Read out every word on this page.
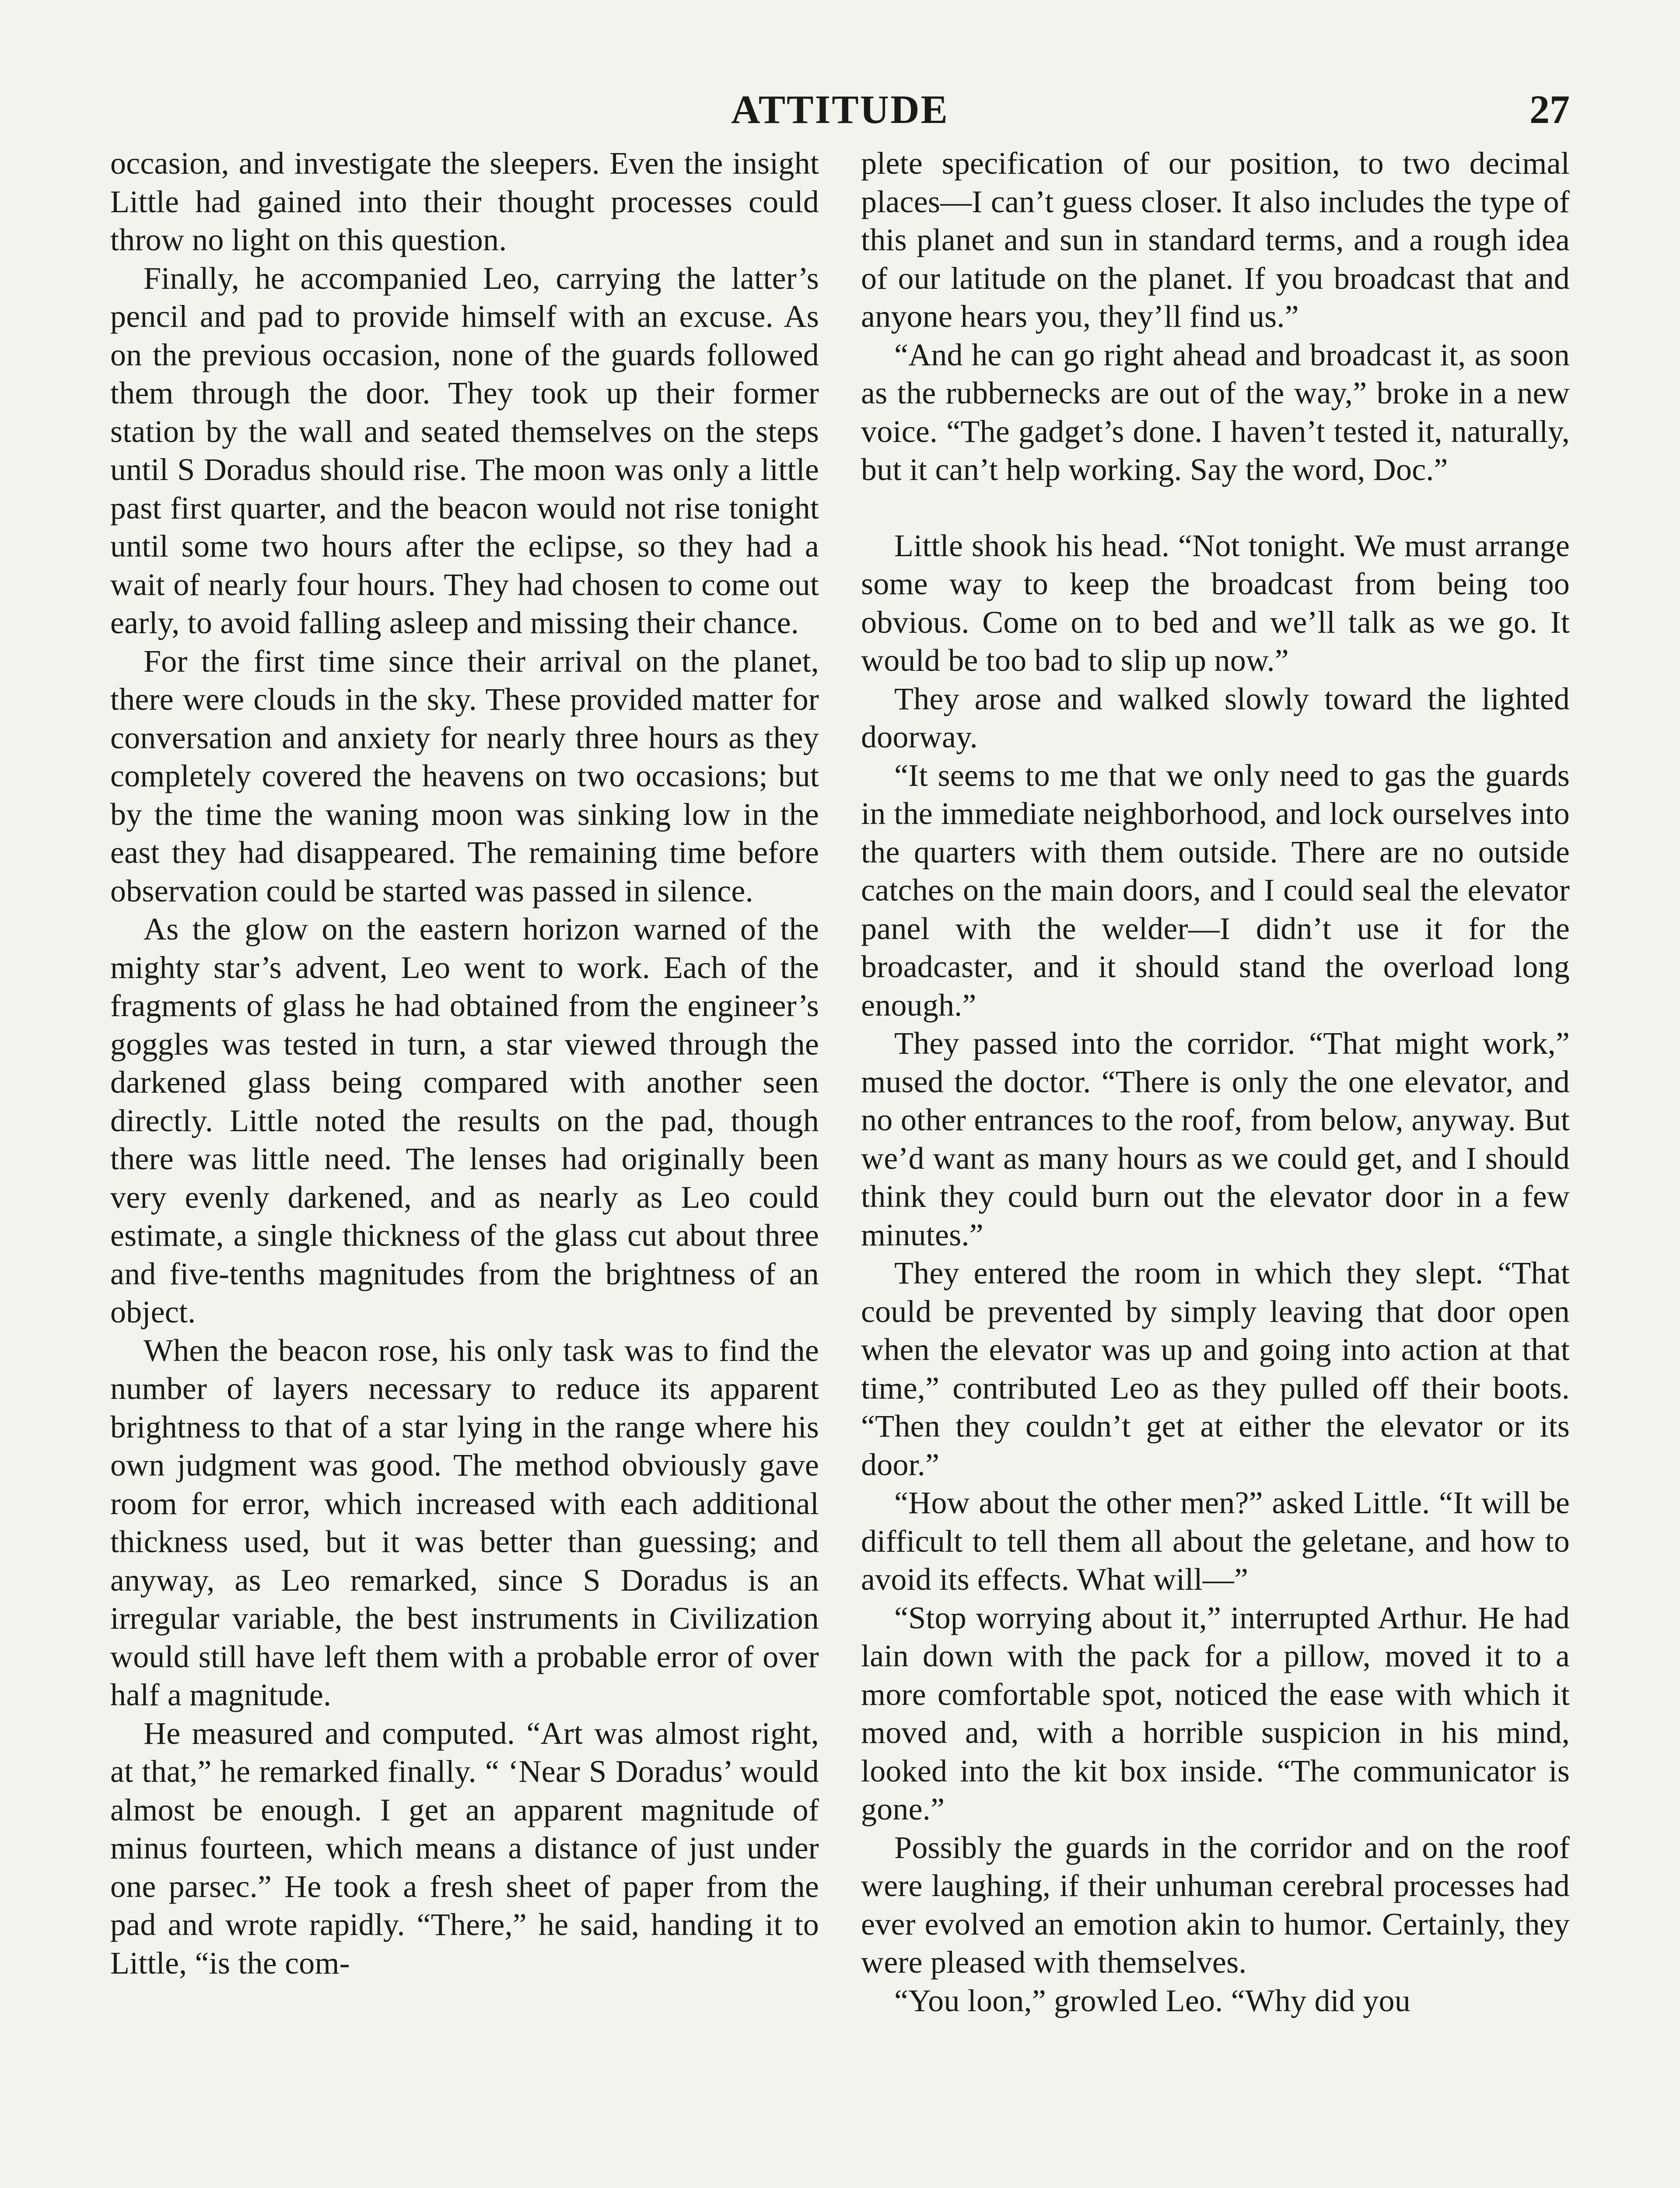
ATTITUDE	27

occasion, and investigate the sleepers. Even the insight Little had gained into their thought processes could throw no light on this question.

Finally, he accompanied Leo, carrying the latter’s pencil and pad to provide himself with an excuse. As on the previous occasion, none of the guards followed them through the door. They took up their former station by the wall and seated themselves on the steps until S Doradus should rise. The moon was only a little past first quarter, and the beacon would not rise tonight until some two hours after the eclipse, so they had a wait of nearly four hours. They had chosen to come out early, to avoid falling asleep and missing their chance.

For the first time since their arrival on the planet, there were clouds in the sky. These provided matter for conversation and anxiety for nearly three hours as they completely covered the heavens on two occasions; but by the time the waning moon was sinking low in the east they had disappeared. The remaining time before observation could be started was passed in silence.

As the glow on the eastern horizon warned of the mighty star’s advent, Leo went to work. Each of the fragments of glass he had obtained from the engineer’s goggles was tested in turn, a star viewed through the darkened glass being compared with another seen directly. Little noted the results on the pad, though there was little need. The lenses had originally been very evenly darkened, and as nearly as Leo could estimate, a single thickness of the glass cut about three and five-tenths magnitudes from the brightness of an object.

When the beacon rose, his only task was to find the number of layers necessary to reduce its apparent brightness to that of a star lying in the range where his own judgment was good. The method obviously gave room for error, which increased with each additional thickness used, but it was better than guessing; and anyway, as Leo remarked, since S Doradus is an irregular variable, the best instruments in Civilization would still have left them with a probable error of over half a magnitude.

He measured and computed. “Art was almost right, at that,” he remarked finally. “ ‘Near S Doradus’ would almost be enough. I get an apparent magnitude of minus fourteen, which means a distance of just under one parsec.” He took a fresh sheet of paper from the pad and wrote rapidly. “There,” he said, handing it to Little, “is the com-

plete specification of our position, to two decimal places—I can’t guess closer. It also includes the type of this planet and sun in standard terms, and a rough idea of our latitude on the planet. If you broadcast that and anyone hears you, they’ll find us.”

“And he can go right ahead and broadcast it, as soon as the rubbernecks are out of the way,” broke in a new voice. “The gadget’s done. I haven’t tested it, naturally, but it can’t help working. Say the word, Doc.”

Little shook his head. “Not tonight. We must arrange some way to keep the broadcast from being too obvious. Come on to bed and we’ll talk as we go. It would be too bad to slip up now.”

They arose and walked slowly toward the lighted doorway.

“It seems to me that we only need to gas the guards in the immediate neighborhood, and lock ourselves into the quarters with them outside. There are no outside catches on the main doors, and I could seal the elevator panel with the welder—I didn’t use it for the broadcaster, and it should stand the overload long enough.”

They passed into the corridor. “That might work,” mused the doctor. “There is only the one elevator, and no other entrances to the roof, from below, anyway. But we’d want as many hours as we could get, and I should think they could burn out the elevator door in a few minutes.”

They entered the room in which they slept. “That could be prevented by simply leaving that door open when the elevator was up and going into action at that time,” contributed Leo as they pulled off their boots. “Then they couldn’t get at either the elevator or its door.”

“How about the other men?” asked Little. “It will be difficult to tell them all about the geletane, and how to avoid its effects. What will—”

“Stop worrying about it,” interrupted Arthur. He had lain down with the pack for a pillow, moved it to a more comfortable spot, noticed the ease with which it moved and, with a horrible suspicion in his mind, looked into the kit box inside. “The communicator is gone.”

Possibly the guards in the corridor and on the roof were laughing, if their unhuman cerebral processes had ever evolved an emotion akin to humor. Certainly, they were pleased with themselves.

“You loon,” growled Leo. “Why did you
